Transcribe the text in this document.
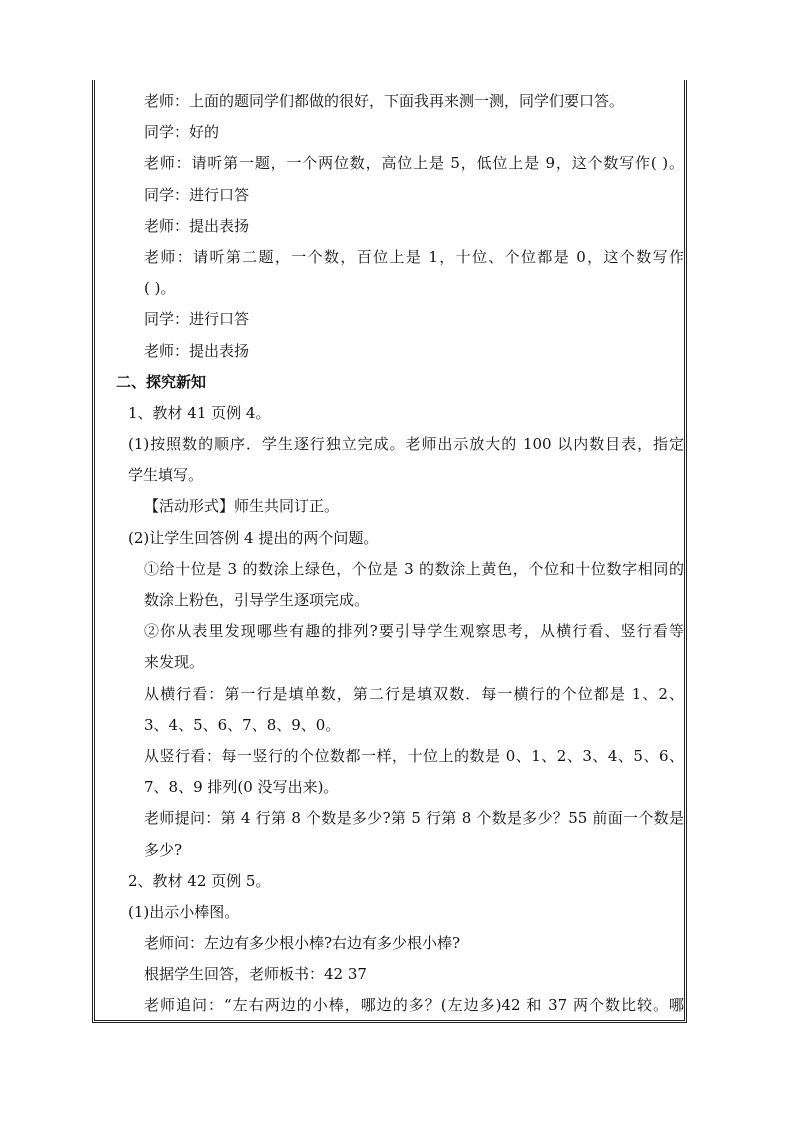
老师：上面的题同学们都做的很好，下面我再来测一测，同学们要口答。
同学：好的
老师：请听第一题，一个两位数，高位上是 5，低位上是 9，这个数写作( )。
同学：进行口答
老师：提出表扬
老师：请听第二题，一个数，百位上是 1，十位、个位都是 0，这个数写作
( )。
同学：进行口答
老师：提出表扬
二、探究新知
1、教材 41 页例 4。
(1)按照数的顺序．学生逐行独立完成。老师出示放大的 100 以内数目表，指定
学生填写。
【活动形式】师生共同订正。
(2)让学生回答例 4 提出的两个问题。
①给十位是 3 的数涂上绿色，个位是 3 的数涂上黄色，个位和十位数字相同的
数涂上粉色，引导学生逐项完成。
②你从表里发现哪些有趣的排列?要引导学生观察思考，从横行看、竖行看等
来发现。
从横行看：第一行是填单数，第二行是填双数．每一横行的个位都是 1、2、
3、4、5、6、7、8、9、0。
从竖行看：每一竖行的个位数都一样，十位上的数是 0、1、2、3、4、5、6、
7、8、9 排列(0 没写出来)。
老师提问：第 4 行第 8 个数是多少?第 5 行第 8 个数是多少？55 前面一个数是
多少?
2、教材 42 页例 5。
(1)出示小棒图。
老师问：左边有多少根小棒?右边有多少根小棒?
根据学生回答，老师板书：42 37
老师追问：“左右两边的小棒，哪边的多？(左边多)42 和 37 两个数比较。哪
